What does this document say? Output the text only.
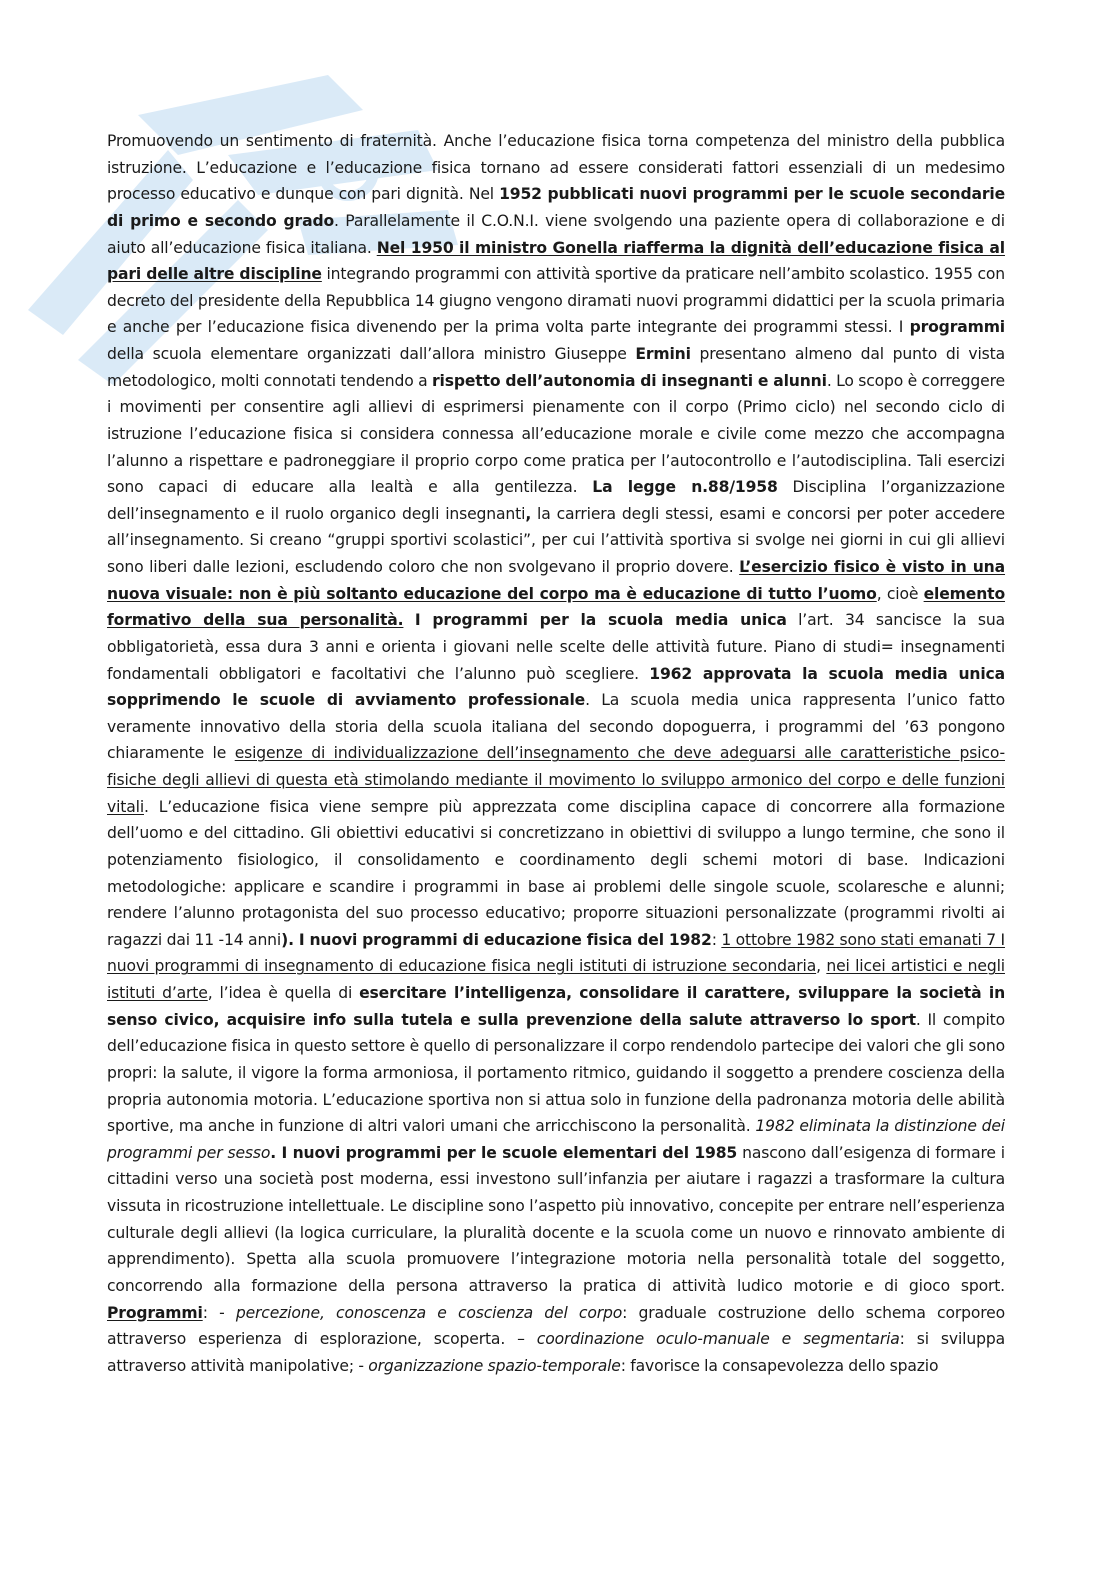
Promuovendo un sentimento di fraternità. Anche l’educazione fisica torna competenza del ministro della pubblica istruzione. L’educazione e l’educazione fisica tornano ad essere considerati fattori essenziali di un medesimo processo educativo e dunque con pari dignità. Nel 1952 pubblicati nuovi programmi per le scuole secondarie di primo e secondo grado. Parallelamente il C.O.N.I. viene svolgendo una paziente opera di collaborazione e di aiuto all’educazione fisica italiana. Nel 1950 il ministro Gonella riafferma la dignità dell’educazione fisica al pari delle altre discipline integrando programmi con attività sportive da praticare nell’ambito scolastico. 1955 con decreto del presidente della Repubblica 14 giugno vengono diramati nuovi programmi didattici per la scuola primaria e anche per l’educazione fisica divenendo per la prima volta parte integrante dei programmi stessi. I programmi della scuola elementare organizzati dall’allora ministro Giuseppe Ermini presentano almeno dal punto di vista metodologico, molti connotati tendendo a rispetto dell’autonomia di insegnanti e alunni. Lo scopo è correggere i movimenti per consentire agli allievi di esprimersi pienamente con il corpo (Primo ciclo) nel secondo ciclo di istruzione l’educazione fisica si considera connessa all’educazione morale e civile come mezzo che accompagna l’alunno a rispettare e padroneggiare il proprio corpo come pratica per l’autocontrollo e l’autodisciplina. Tali esercizi sono capaci di educare alla lealtà e alla gentilezza. La legge n.88/1958 Disciplina l’organizzazione dell’insegnamento e il ruolo organico degli insegnanti, la carriera degli stessi, esami e concorsi per poter accedere all’insegnamento. Si creano “gruppi sportivi scolastici”, per cui l’attività sportiva si svolge nei giorni in cui gli allievi sono liberi dalle lezioni, escludendo coloro che non svolgevano il proprio dovere. L’esercizio fisico è visto in una nuova visuale: non è più soltanto educazione del corpo ma è educazione di tutto l’uomo, cioè elemento formativo della sua personalità. I programmi per la scuola media unica l’art. 34 sancisce la sua obbligatorietà, essa dura 3 anni e orienta i giovani nelle scelte delle attività future. Piano di studi= insegnamenti fondamentali obbligatori e facoltativi che l’alunno può scegliere. 1962 approvata la scuola media unica sopprimendo le scuole di avviamento professionale. La scuola media unica rappresenta l’unico fatto veramente innovativo della storia della scuola italiana del secondo dopoguerra, i programmi del ’63 pongono chiaramente le esigenze di individualizzazione dell’insegnamento che deve adeguarsi alle caratteristiche psico-fisiche degli allievi di questa età stimolando mediante il movimento lo sviluppo armonico del corpo e delle funzioni vitali. L’educazione fisica viene sempre più apprezzata come disciplina capace di concorrere alla formazione dell’uomo e del cittadino. Gli obiettivi educativi si concretizzano in obiettivi di sviluppo a lungo termine, che sono il potenziamento fisiologico, il consolidamento e coordinamento degli schemi motori di base. Indicazioni metodologiche: applicare e scandire i programmi in base ai problemi delle singole scuole, scolaresche e alunni; rendere l’alunno protagonista del suo processo educativo; proporre situazioni personalizzate (programmi rivolti ai ragazzi dai 11 -14 anni). I nuovi programmi di educazione fisica del 1982: 1 ottobre 1982 sono stati emanati 7 I nuovi programmi di insegnamento di educazione fisica negli istituti di istruzione secondaria, nei licei artistici e negli istituti d’arte, l’idea è quella di esercitare l’intelligenza, consolidare il carattere, sviluppare la società in senso civico, acquisire info sulla tutela e sulla prevenzione della salute attraverso lo sport. Il compito dell’educazione fisica in questo settore è quello di personalizzare il corpo rendendolo partecipe dei valori che gli sono propri: la salute, il vigore la forma armoniosa, il portamento ritmico, guidando il soggetto a prendere coscienza della propria autonomia motoria. L’educazione sportiva non si attua solo in funzione della padronanza motoria delle abilità sportive, ma anche in funzione di altri valori umani che arricchiscono la personalità. 1982 eliminata la distinzione dei programmi per sesso. I nuovi programmi per le scuole elementari del 1985 nascono dall’esigenza di formare i cittadini verso una società post moderna, essi investono sull’infanzia per aiutare i ragazzi a trasformare la cultura vissuta in ricostruzione intellettuale. Le discipline sono l’aspetto più innovativo, concepite per entrare nell’esperienza culturale degli allievi (la logica curriculare, la pluralità docente e la scuola come un nuovo e rinnovato ambiente di apprendimento). Spetta alla scuola promuovere l’integrazione motoria nella personalità totale del soggetto, concorrendo alla formazione della persona attraverso la pratica di attività ludico motorie e di gioco sport. Programmi: - percezione, conoscenza e coscienza del corpo: graduale costruzione dello schema corporeo attraverso esperienza di esplorazione, scoperta. – coordinazione oculo-manuale e segmentaria: si sviluppa attraverso attività manipolative; - organizzazione spazio-temporale: favorisce la consapevolezza dello spazio
